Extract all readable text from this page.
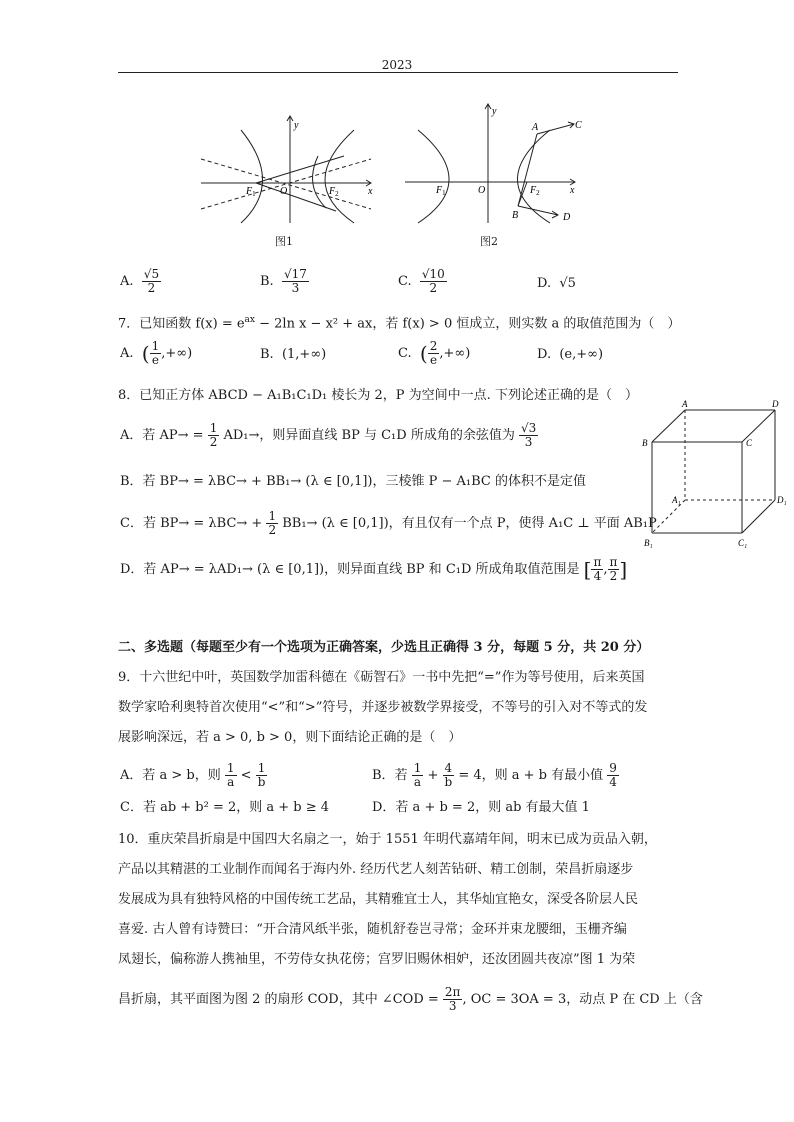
2023
y
x
O
$F_1$	$F_2$
图1
y
x
O
$F_1$	$F_2$
A
B
C
D
图2
A. $\frac{√5}{2}$	B. $\frac{√17}{3}$	C. $\frac{√10}{2}$	D. √5
7．已知函数 $f(x) = e^{ax} - 2\ln$ x − x² + ax，若 f(x) > 0 恒成立，则实数 a 的取值范围为（　）
A. ( $\frac{1}{e}$ ,+∞)	B. (1,+∞)	C. ( $\frac{2}{e}$ ,+∞)	D. (e,+∞)
8．已知正方体 ABCD − A₁B₁C₁D₁ 棱长为 2，P 为空间中一点. 下列论述正确的是（　）
A．若 $AP\to = \frac{1}{2} AD_1\to$，则异面直线 BP 与 C₁D 所成角的余弦值为 $\frac{√3}{3}$
B．若 BP→ = λBC→ + BB₁→ (λ ∈ [0,1])，三棱锥 P − A₁BC 的体积不是定值
C．若 $BP\to = \lambda BC\to + \frac{1}{2} BB_1\to (\lambda$ ∈ [0,1])，有且仅有一个点 P，使得 A₁C ⊥ 平面 AB₁P
D．若 AP→ = λAD₁→ (λ ∈ [0,1])，则异面直线 BP 和 C₁D 所成角取值范围是 [ $\frac{\pi}{4}$ , $\frac{\pi}{2}$ ]
A	D
B	C
A₁	D₁
B₁	C₁
二、多选题（每题至少有一个选项为正确答案，少选且正确得 3 分，每题 5 分，共 20 分）
9．十六世纪中叶，英国数学加雷科德在《砺智石》一书中先把“=”作为等号使用，后来英国
数学家哈利奥特首次使用“<”和“>”符号，并逐步被数学界接受，不等号的引入对不等式的发
展影响深远，若 a > 0, b > 0，则下面结论正确的是（　）
A．若 a > b，则 $\frac{1}{a} < \frac{1}{b}$	B．若 $\frac{1}{a} + \frac{4}{b} = 4$，则 a + b 有最小值 $\frac{9}{4}$
C．若 ab + b² = 2，则 a + b ≥ 4	D．若 a + b = 2，则 ab 有最大值 1
10．重庆荣昌折扇是中国四大名扇之一，始于 1551 年明代嘉靖年间，明末已成为贡品入朝，
产品以其精湛的工业制作而闻名于海内外. 经历代艺人刻苦钻研、精工创制，荣昌折扇逐步
发展成为具有独特风格的中国传统工艺品，其精雅宜士人，其华灿宜艳女，深受各阶层人民
喜爱. 古人曾有诗赞曰：“开合清风纸半张，随机舒卷岂寻常；金环并束龙腰细，玉栅齐编
凤翅长，偏称游人携袖里，不劳侍女执花傍；宫罗旧赐休相妒，还汝团圆共夜凉”图 1 为荣
昌折扇，其平面图为图 2 的扇形 COD，其中 ∠COD = $\frac{2\pi}{3}$ , OC = 3OA = 3，动点 P 在 CD 上（含
